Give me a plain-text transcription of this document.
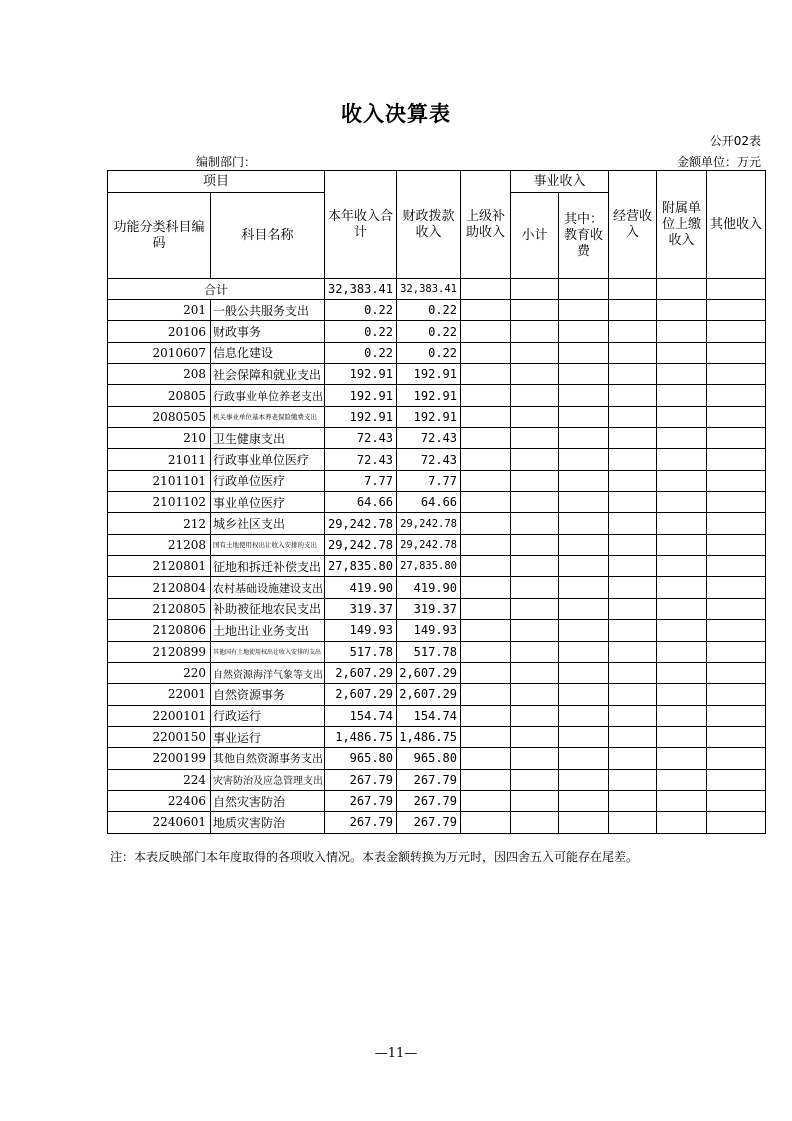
收入决算表
公开02表
编制部门：	金额单位：万元
项目		本年收入合计	财政拨款收入	上级补助收入	事业收入		经营收入	附属单位上缴收入	其他收入
功能分类科目编码	科目名称				小计	其中：教育收费			
合计		32,383.41	32,383.41						
201	一般公共服务支出	0.22	0.22						
20106	财政事务	0.22	0.22						
2010607	信息化建设	0.22	0.22						
208	社会保障和就业支出	192.91	192.91						
20805	行政事业单位养老支出	192.91	192.91						
2080505	机关事业单位基本养老保险缴费支出	192.91	192.91						
210	卫生健康支出	72.43	72.43						
21011	行政事业单位医疗	72.43	72.43						
2101101	行政单位医疗	7.77	7.77						
2101102	事业单位医疗	64.66	64.66						
212	城乡社区支出	29,242.78	29,242.78						
21208	国有土地使用权出让收入安排的支出	29,242.78	29,242.78						
2120801	征地和拆迁补偿支出	27,835.80	27,835.80						
2120804	农村基础设施建设支出	419.90	419.90						
2120805	补助被征地农民支出	319.37	319.37						
2120806	土地出让业务支出	149.93	149.93						
2120899	其他国有土地使用权出让收入安排的支出	517.78	517.78						
220	自然资源海洋气象等支出	2,607.29	2,607.29						
22001	自然资源事务	2,607.29	2,607.29						
2200101	行政运行	154.74	154.74						
2200150	事业运行	1,486.75	1,486.75						
2200199	其他自然资源事务支出	965.80	965.80						
224	灾害防治及应急管理支出	267.79	267.79						
22406	自然灾害防治	267.79	267.79						
2240601	地质灾害防治	267.79	267.79						
注：本表反映部门本年度取得的各项收入情况。本表金额转换为万元时，因四舍五入可能存在尾差。
—11—
